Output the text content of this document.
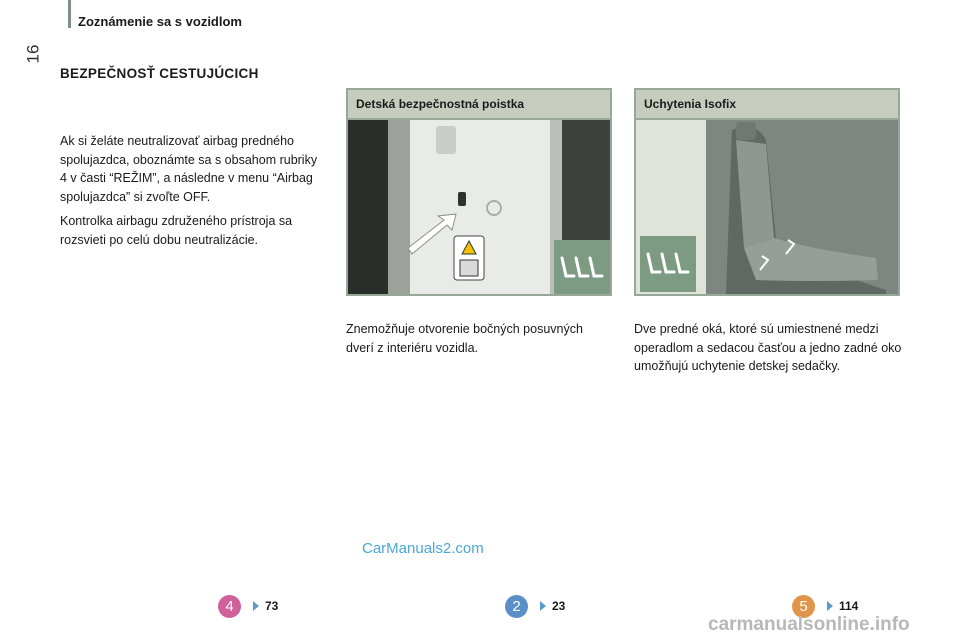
Zoznámenie sa s vozidlom
16
BEZPEČNOSŤ CESTUJÚCICH

Ak si želáte neutralizovať airbag predného spolujazdca, oboznámte sa s obsahom rubriky 4 v časti “REŽIM”, a následne v menu “Airbag spolujazdca” si zvoľte OFF.

Kontrolka airbagu združeného prístroja sa rozsvieti po celú dobu neutralizácie.

Detská bezpečnostná poistka	Uchytenia Isofix
Znemožňuje otvorenie bočných posuvných dverí z interiéru vozidla.
Dve predné oká, ktoré sú umiestnené medzi operadlom a sedacou časťou a jedno zadné oko umožňujú uchytenie detskej sedačky.
CarManuals2.com
4	73	2	23	5	114
carmanualsonline.info
